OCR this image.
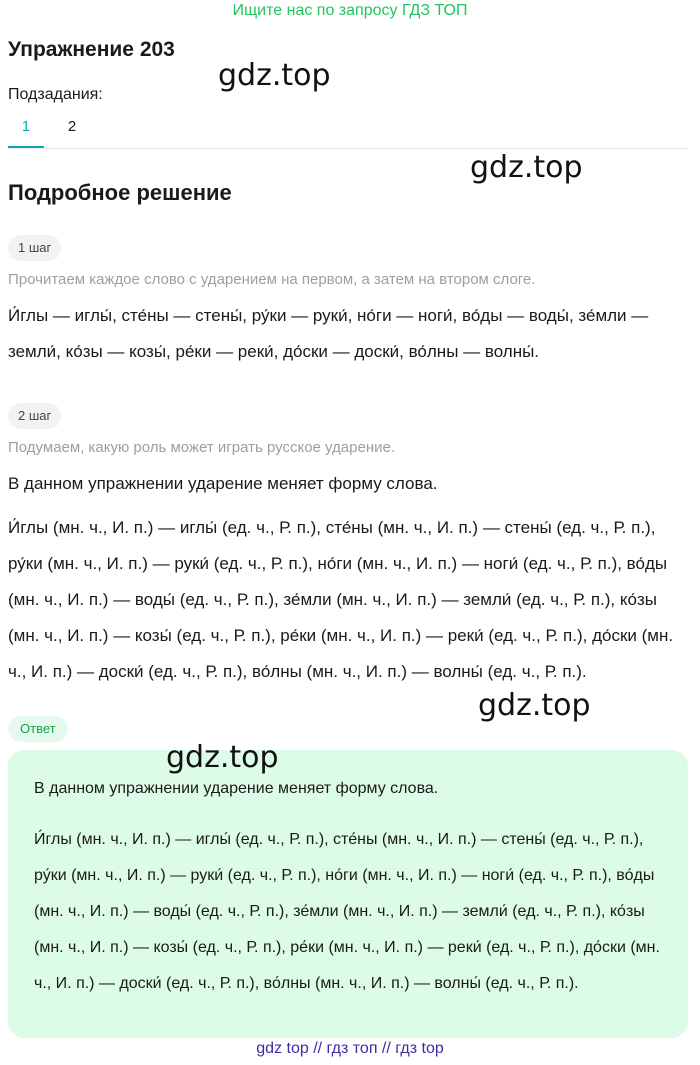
Ищите нас по запросу ГДЗ ТОП
Упражнение 203
gdz.top
Подзадания:
1	2
gdz.top
Подробное решение
1 шаг
Прочитаем каждое слово с ударением на первом, а затем на втором слоге.
И́глы — иглы́, сте́ны — стены́, ру́ки — руки́, но́ги — ноги́, во́ды — воды́, зе́мли — земли́, ко́зы — козы́, ре́ки — реки́, до́ски — доски́, во́лны — волны́.
2 шаг
Подумаем, какую роль может играть русское ударение.
В данном упражнении ударение меняет форму слова.
И́глы (мн. ч., И. п.) — иглы́ (ед. ч., Р. п.), сте́ны (мн. ч., И. п.) — стены́ (ед. ч., Р. п.), ру́ки (мн. ч., И. п.) — руки́ (ед. ч., Р. п.), но́ги (мн. ч., И. п.) — ноги́ (ед. ч., Р. п.), во́ды (мн. ч., И. п.) — воды́ (ед. ч., Р. п.), зе́мли (мн. ч., И. п.) — земли́ (ед. ч., Р. п.), ко́зы (мн. ч., И. п.) — козы́ (ед. ч., Р. п.), ре́ки (мн. ч., И. п.) — реки́ (ед. ч., Р. п.), до́ски (мн. ч., И. п.) — доски́ (ед. ч., Р. п.), во́лны (мн. ч., И. п.) — волны́ (ед. ч., Р. п.).
gdz.top
Ответ
В данном упражнении ударение меняет форму слова.
И́глы (мн. ч., И. п.) — иглы́ (ед. ч., Р. п.), сте́ны (мн. ч., И. п.) — стены́ (ед. ч., Р. п.), ру́ки (мн. ч., И. п.) — руки́ (ед. ч., Р. п.), но́ги (мн. ч., И. п.) — ноги́ (ед. ч., Р. п.), во́ды (мн. ч., И. п.) — воды́ (ед. ч., Р. п.), зе́мли (мн. ч., И. п.) — земли́ (ед. ч., Р. п.), ко́зы (мн. ч., И. п.) — козы́ (ед. ч., Р. п.), ре́ки (мн. ч., И. п.) — реки́ (ед. ч., Р. п.), до́ски (мн. ч., И. п.) — доски́ (ед. ч., Р. п.), во́лны (мн. ч., И. п.) — волны́ (ед. ч., Р. п.).
gdz.top
gdz top // гдз топ // гдз top
